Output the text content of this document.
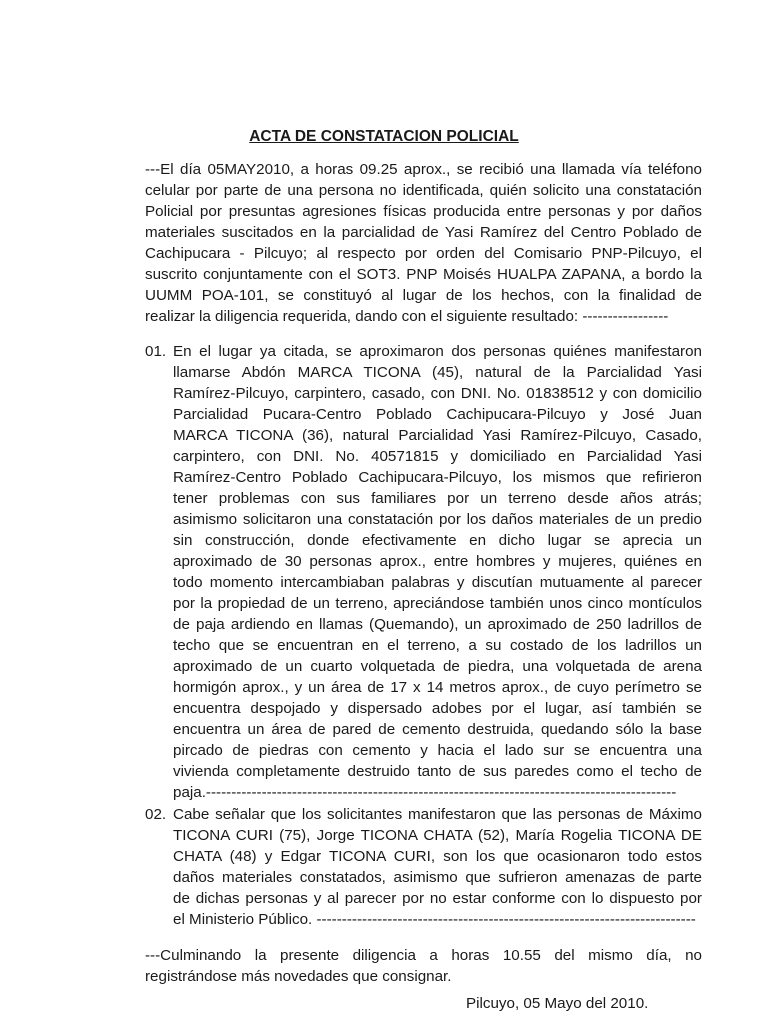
ACTA DE CONSTATACION POLICIAL
---El día 05MAY2010, a horas 09.25 aprox., se recibió una llamada vía teléfono
celular por parte de una persona no identificada, quién solicito una constatación
Policial por presuntas agresiones físicas producida entre personas y por daños
materiales suscitados en la parcialidad de Yasi Ramírez del Centro Poblado de
Cachipucara - Pilcuyo; al respecto por orden del Comisario PNP-Pilcuyo, el
suscrito conjuntamente con el SOT3. PNP Moisés HUALPA ZAPANA, a bordo la
UUMM POA-101, se constituyó al lugar de los hechos, con la finalidad de
realizar la diligencia requerida, dando con el siguiente resultado: -----------------
01. En el lugar ya citada, se aproximaron dos personas quiénes manifestaron
llamarse Abdón MARCA TICONA (45), natural de la Parcialidad Yasi
Ramírez-Pilcuyo, carpintero, casado, con DNI. No. 01838512 y con domicilio
Parcialidad Pucara-Centro Poblado Cachipucara-Pilcuyo y José Juan
MARCA TICONA (36), natural Parcialidad Yasi Ramírez-Pilcuyo, Casado,
carpintero, con DNI. No. 40571815 y domiciliado en Parcialidad Yasi
Ramírez-Centro Poblado Cachipucara-Pilcuyo, los mismos que refirieron
tener problemas con sus familiares por un terreno desde años atrás;
asimismo solicitaron una constatación por los daños materiales de un predio
sin construcción, donde efectivamente en dicho lugar se aprecia un
aproximado de 30 personas aprox., entre hombres y mujeres, quiénes en
todo momento intercambiaban palabras y discutían mutuamente al parecer
por la propiedad de un terreno, apreciándose también unos cinco montículos
de paja ardiendo en llamas (Quemando), un aproximado de 250 ladrillos de
techo que se encuentran en el terreno, a su costado de los ladrillos un
aproximado de un cuarto volquetada de piedra, una volquetada de arena
hormigón aprox., y un área de 17 x 14 metros aprox., de cuyo perímetro se
encuentra despojado y dispersado adobes por el lugar, así también se
encuentra un área de pared de cemento destruida, quedando sólo la base
pircado de piedras con cemento y hacia el lado sur se encuentra una
vivienda completamente destruido tanto de sus paredes como el techo de
paja.---------------------------------------------------------------------------------------------
02. Cabe señalar que los solicitantes manifestaron que las personas de Máximo
TICONA CURI (75), Jorge TICONA CHATA (52), María Rogelia TICONA DE
CHATA (48) y Edgar TICONA CURI, son los que ocasionaron todo estos
daños materiales constatados, asimismo que sufrieron amenazas de parte
de dichas personas y al parecer por no estar conforme con lo dispuesto por
el Ministerio Público. ---------------------------------------------------------------------------
---Culminando la presente diligencia a horas 10.55 del mismo día, no
registrándose más novedades que consignar.
Pilcuyo, 05 Mayo del 2010.
